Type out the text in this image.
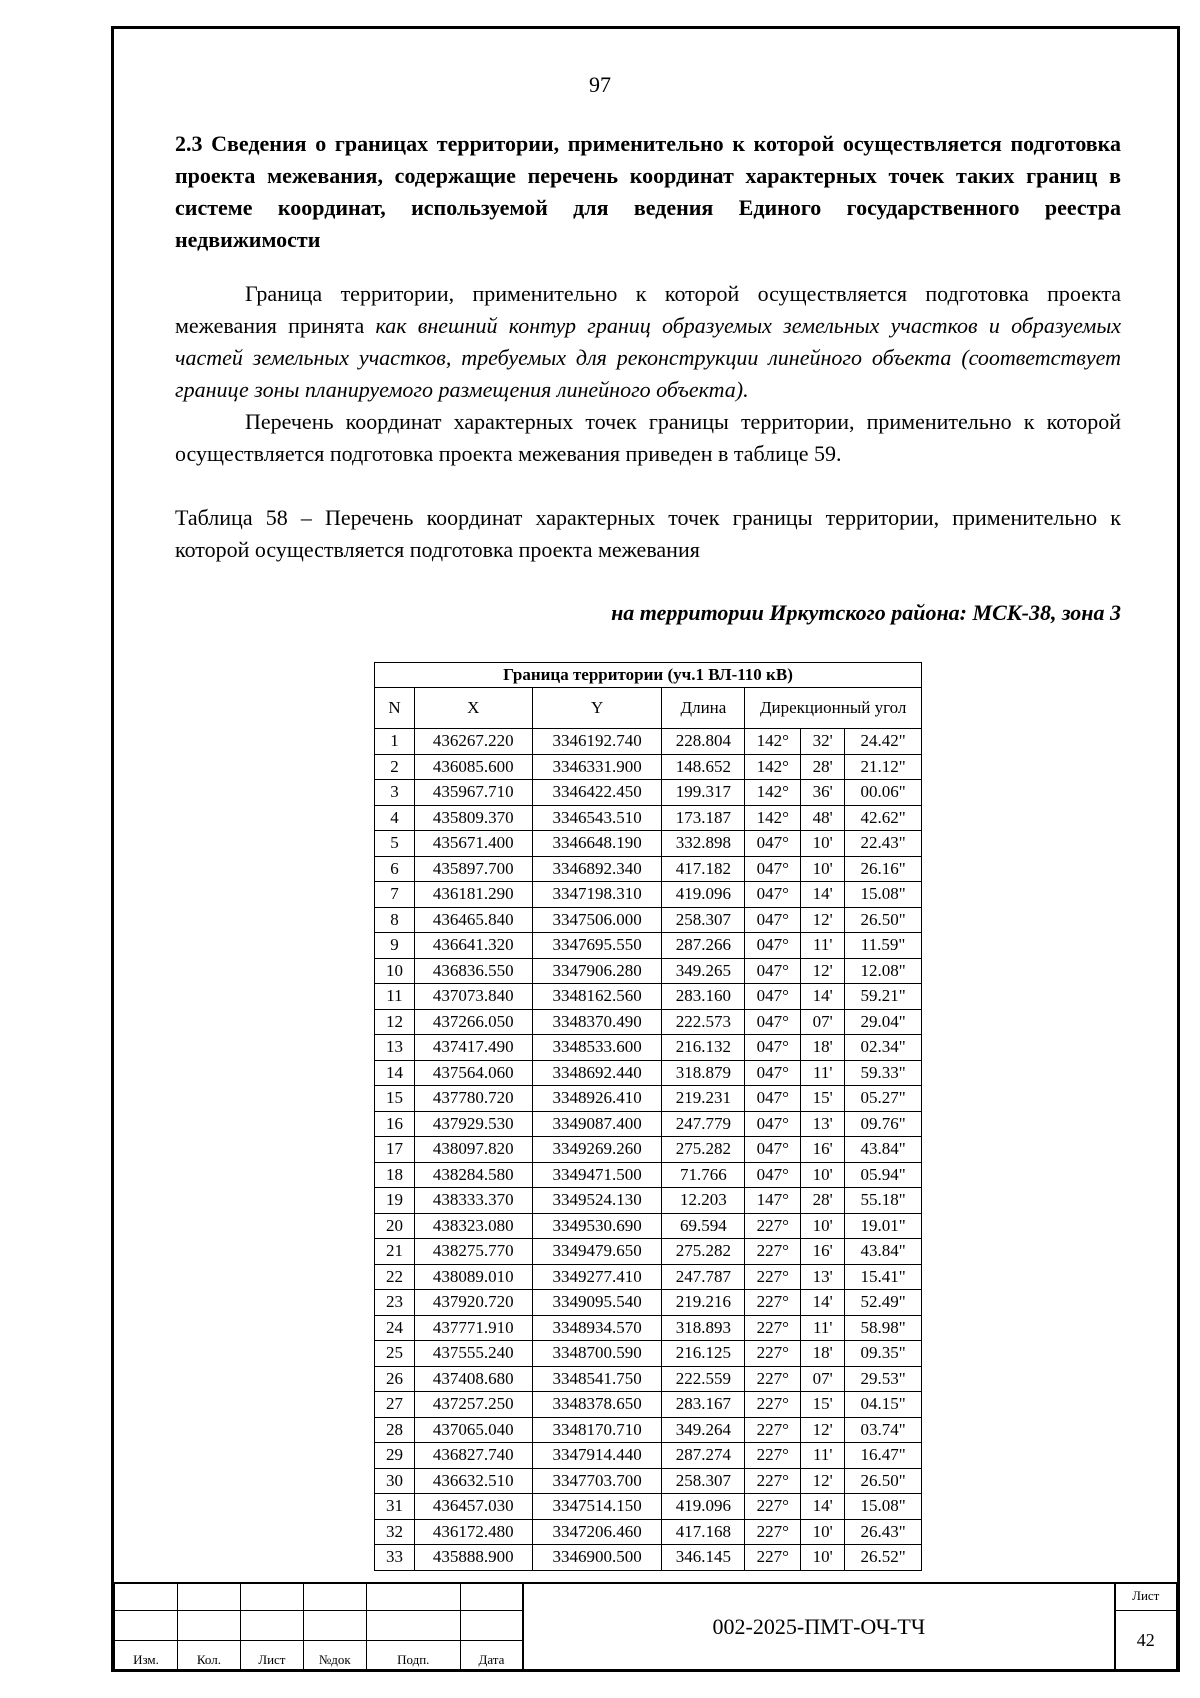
97
2.3 Сведения о границах территории, применительно к которой осуществляется подготовка проекта межевания, содержащие перечень координат характерных точек таких границ в системе координат, используемой для ведения Единого государственного реестра недвижимости
Граница территории, применительно к которой осуществляется подготовка проекта межевания принята как внешний контур границ образуемых земельных участков и образуемых частей земельных участков, требуемых для реконструкции линейного объекта (соответствует границе зоны планируемого размещения линейного объекта).
Перечень координат характерных точек границы территории, применительно к которой осуществляется подготовка проекта межевания приведен в таблице 59.
Таблица 58 – Перечень координат характерных точек границы территории, применительно к которой осуществляется подготовка проекта межевания
на территории Иркутского района: МСК-38, зона 3
Граница территории (уч.1 ВЛ-110 кВ)						
N	X	Y	Длина	Дирекционный угол		
1	436267.220	3346192.740	228.804	142°	32'	24.42"
2	436085.600	3346331.900	148.652	142°	28'	21.12"
3	435967.710	3346422.450	199.317	142°	36'	00.06"
4	435809.370	3346543.510	173.187	142°	48'	42.62"
5	435671.400	3346648.190	332.898	047°	10'	22.43"
6	435897.700	3346892.340	417.182	047°	10'	26.16"
7	436181.290	3347198.310	419.096	047°	14'	15.08"
8	436465.840	3347506.000	258.307	047°	12'	26.50"
9	436641.320	3347695.550	287.266	047°	11'	11.59"
10	436836.550	3347906.280	349.265	047°	12'	12.08"
11	437073.840	3348162.560	283.160	047°	14'	59.21"
12	437266.050	3348370.490	222.573	047°	07'	29.04"
13	437417.490	3348533.600	216.132	047°	18'	02.34"
14	437564.060	3348692.440	318.879	047°	11'	59.33"
15	437780.720	3348926.410	219.231	047°	15'	05.27"
16	437929.530	3349087.400	247.779	047°	13'	09.76"
17	438097.820	3349269.260	275.282	047°	16'	43.84"
18	438284.580	3349471.500	71.766	047°	10'	05.94"
19	438333.370	3349524.130	12.203	147°	28'	55.18"
20	438323.080	3349530.690	69.594	227°	10'	19.01"
21	438275.770	3349479.650	275.282	227°	16'	43.84"
22	438089.010	3349277.410	247.787	227°	13'	15.41"
23	437920.720	3349095.540	219.216	227°	14'	52.49"
24	437771.910	3348934.570	318.893	227°	11'	58.98"
25	437555.240	3348700.590	216.125	227°	18'	09.35"
26	437408.680	3348541.750	222.559	227°	07'	29.53"
27	437257.250	3348378.650	283.167	227°	15'	04.15"
28	437065.040	3348170.710	349.264	227°	12'	03.74"
29	436827.740	3347914.440	287.274	227°	11'	16.47"
30	436632.510	3347703.700	258.307	227°	12'	26.50"
31	436457.030	3347514.150	419.096	227°	14'	15.08"
32	436172.480	3347206.460	417.168	227°	10'	26.43"
33	435888.900	3346900.500	346.145	227°	10'	26.52"
						002-2025-ПМТ-ОЧ-ТЧ	Лист
							42
Изм.	Кол.	Лист	№док	Подп.	Дата		
